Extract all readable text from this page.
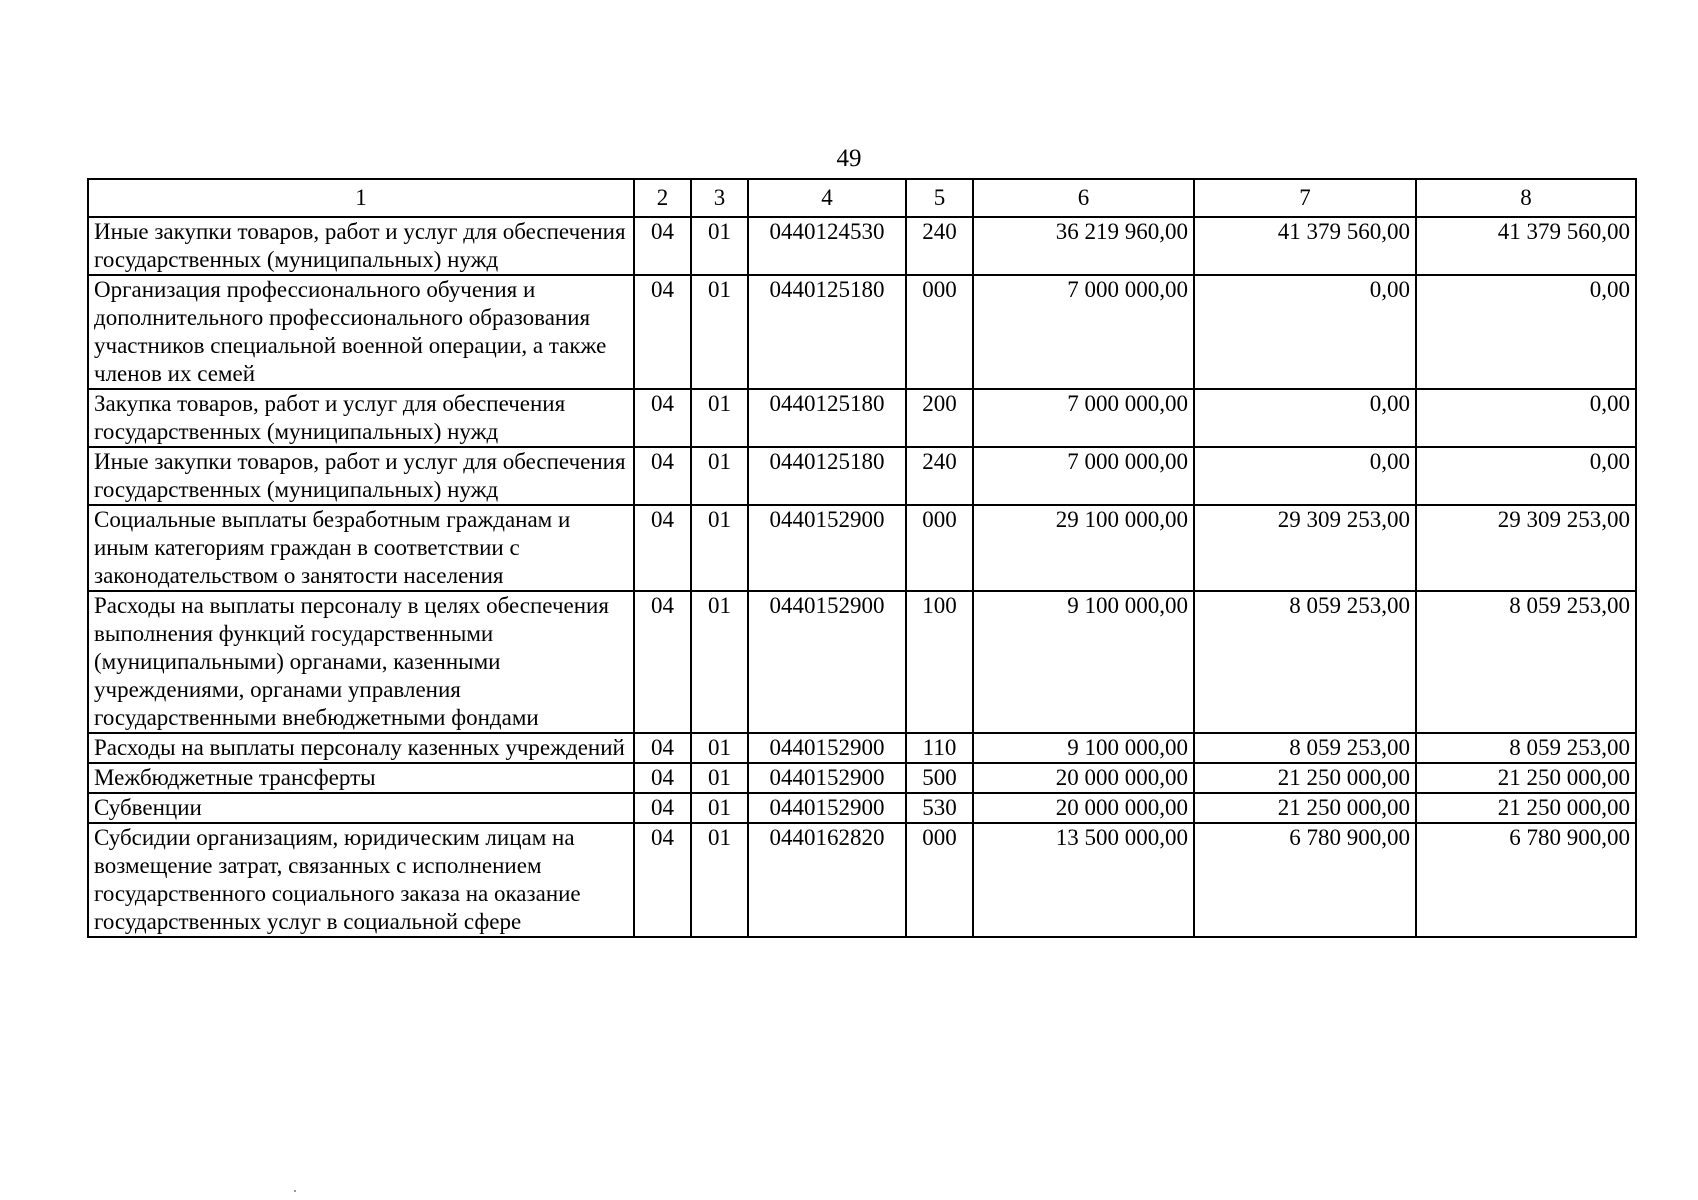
49
1	2	3	4	5	6	7	8
Иные закупки товаров, работ и услуг для обеспечения государственных (муниципальных) нужд	04	01	0440124530	240	36 219 960,00	41 379 560,00	41 379 560,00
Организация профессионального обучения и дополнительного профессионального образования участников специальной военной операции, а также членов их семей	04	01	0440125180	000	7 000 000,00	0,00	0,00
Закупка товаров, работ и услуг для обеспечения государственных (муниципальных) нужд	04	01	0440125180	200	7 000 000,00	0,00	0,00
Иные закупки товаров, работ и услуг для обеспечения государственных (муниципальных) нужд	04	01	0440125180	240	7 000 000,00	0,00	0,00
Социальные выплаты безработным гражданам и иным категориям граждан в соответствии с законодательством о занятости населения	04	01	0440152900	000	29 100 000,00	29 309 253,00	29 309 253,00
Расходы на выплаты персоналу в целях обеспечения выполнения функций государственными (муниципальными) органами, казенными учреждениями, органами управления государственными внебюджетными фондами	04	01	0440152900	100	9 100 000,00	8 059 253,00	8 059 253,00
Расходы на выплаты персоналу казенных учреждений	04	01	0440152900	110	9 100 000,00	8 059 253,00	8 059 253,00
Межбюджетные трансферты	04	01	0440152900	500	20 000 000,00	21 250 000,00	21 250 000,00
Субвенции	04	01	0440152900	530	20 000 000,00	21 250 000,00	21 250 000,00
Субсидии организациям, юридическим лицам на возмещение затрат, связанных с исполнением государственного социального заказа на оказание государственных услуг в социальной сфере	04	01	0440162820	000	13 500 000,00	6 780 900,00	6 780 900,00
